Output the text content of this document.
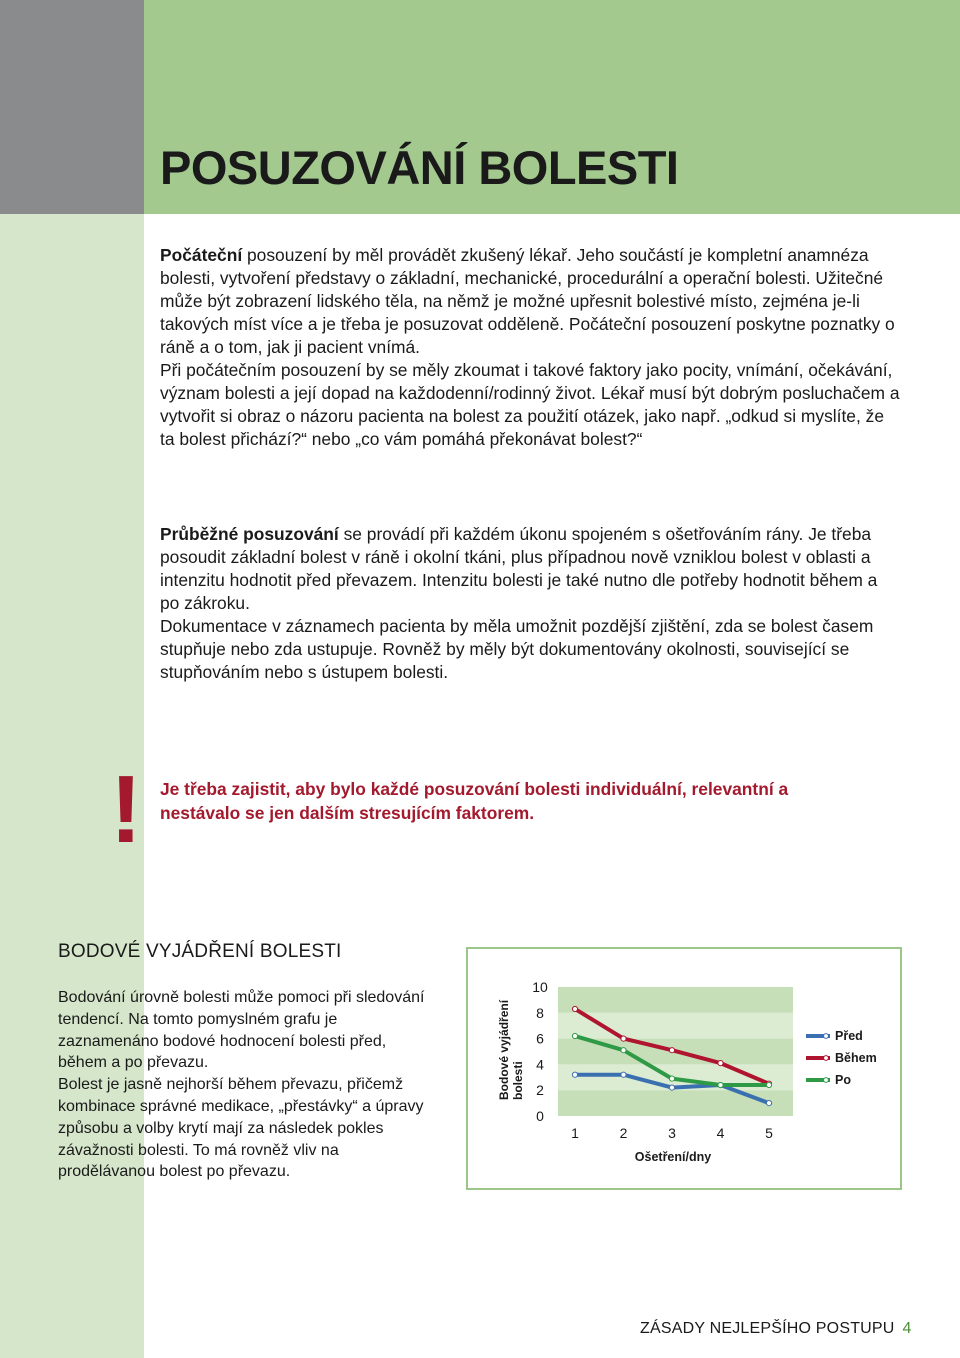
POSUZOVÁNÍ BOLESTI

Počáteční posouzení by měl provádět zkušený lékař. Jeho součástí je kompletní anamnéza bolesti, vytvoření představy o základní, mechanické, procedurální a operační bolesti. Užitečné může být zobrazení lidského těla, na němž je možné upřesnit bolestivé místo, zejména je-li takových míst více a je třeba je posuzovat odděleně. Počáteční posouzení poskytne poznatky o ráně a o tom, jak ji pacient vnímá.

Při počátečním posouzení by se měly zkoumat i takové faktory jako pocity, vnímání, očekávání, význam bolesti a její dopad na každodenní/rodinný život. Lékař musí být dobrým posluchačem a vytvořit si obraz o názoru pacienta na bolest za použití otázek, jako např. „odkud si myslíte, že ta bolest přichází?“ nebo „co vám pomáhá překonávat bolest?“

Průběžné posuzování se provádí při každém úkonu spojeném s ošetřováním rány. Je třeba posoudit základní bolest v ráně i okolní tkáni, plus případnou nově vzniklou bolest v oblasti a intenzitu hodnotit před převazem. Intenzitu bolesti je také nutno dle potřeby hodnotit během a po zákroku.

Dokumentace v záznamech pacienta by měla umožnit pozdější zjištění, zda se bolest časem stupňuje nebo zda ustupuje. Rovněž by měly být dokumentovány okolnosti, související se stupňováním nebo s ústupem bolesti.

! Je třeba zajistit, aby bylo každé posuzování bolesti individuální, relevantní a nestávalo se jen dalším stresujícím faktorem.
BODOVÉ VYJÁDŘENÍ BOLESTI

Bodování úrovně bolesti může pomoci při sledování tendencí. Na tomto pomyslném grafu je zaznamenáno bodové hodnocení bolesti před, během a po převazu.

Bolest je jasně nejhorší během převazu, přičemž kombinace správné medikace, „přestávky“ a úpravy způsobu a volby krytí mají za následek pokles závažnosti bolesti. To má rovněž vliv na prodělávanou bolest po převazu.

Bodové vyjádření bolesti
0
2
4
6
8
10
1	2	3	4	5
Ošetření/dny
Před
Během
Po
ZÁSADY NEJLEPŠÍHO POSTUPU 4
